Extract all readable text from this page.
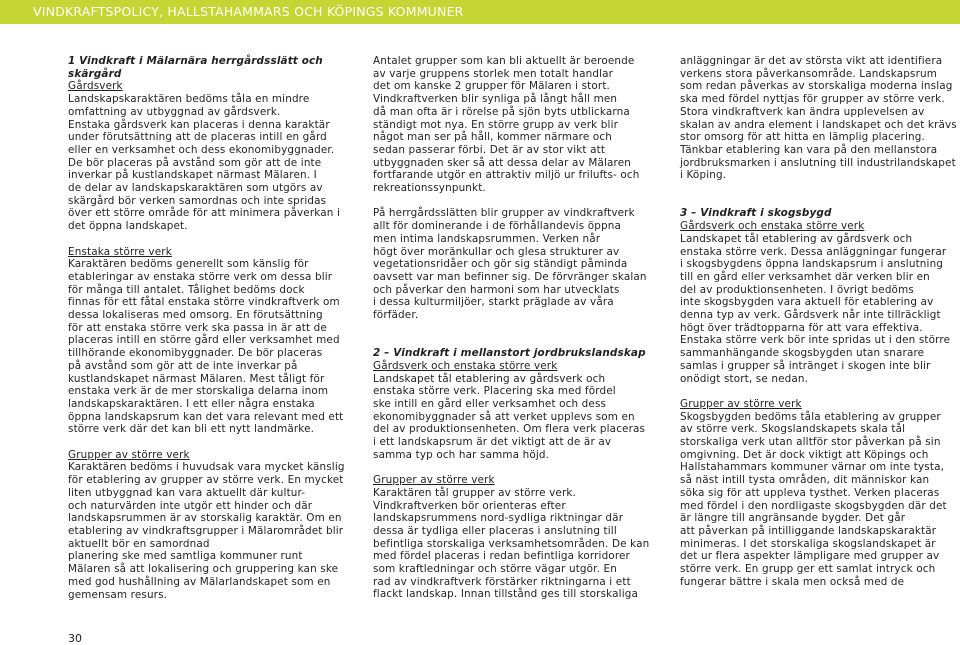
VINDKRAFTSPOLICY, HALLSTAHAMMARS OCH KÖPINGS KOMMUNER

1 Vindkraft i Mälarnära herrgårdsslätt och

skärgård

Gårdsverk

Landskapskaraktären bedöms tåla en mindre

omfattning av utbyggnad av gårdsverk.

Enstaka gårdsverk kan placeras i denna karaktär

under förutsättning att de placeras intill en gård

eller en verksamhet och dess ekonomibyggnader.

De bör placeras på avstånd som gör att de inte

inverkar på kustlandskapet närmast Mälaren. I

de delar av landskapskaraktären som utgörs av

skärgård bör verken samordnas och inte spridas

över ett större område för att minimera påverkan i

det öppna landskapet.

Enstaka större verk

Karaktären bedöms generellt som känslig för

etableringar av enstaka större verk om dessa blir

för många till antalet. Tålighet bedöms dock

finnas för ett fåtal enstaka större vindkraftverk om

dessa lokaliseras med omsorg. En förutsättning

för att enstaka större verk ska passa in är att de

placeras intill en större gård eller verksamhet med

tillhörande ekonomibyggnader. De bör placeras

på avstånd som gör att de inte inverkar på

kustlandskapet närmast Mälaren. Mest tåligt för

enstaka verk är de mer storskaliga delarna inom

landskapskaraktären. I ett eller några enstaka

öppna landskapsrum kan det vara relevant med ett

större verk där det kan bli ett nytt landmärke.

Grupper av större verk

Karaktären bedöms i huvudsak vara mycket känslig

för etablering av grupper av större verk. En mycket

liten utbyggnad kan vara aktuellt där kultur-

och naturvärden inte utgör ett hinder och där

landskapsrummen är av storskalig karaktär. Om en

etablering av vindkraftsgrupper i Mälarområdet blir

aktuellt bör en samordnad

planering ske med samtliga kommuner runt

Mälaren så att lokalisering och gruppering kan ske

med god hushållning av Mälarlandskapet som en

gemensam resurs.

Antalet grupper som kan bli aktuellt är beroende

av varje gruppens storlek men totalt handlar

det om kanske 2 grupper för Mälaren i stort.

Vindkraftverken blir synliga på långt håll men

då man ofta är i rörelse på sjön byts utblickarna

ständigt mot nya. En större grupp av verk blir

något man ser på håll, kommer närmare och

sedan passerar förbi. Det är av stor vikt att

utbyggnaden sker så att dessa delar av Mälaren

fortfarande utgör en attraktiv miljö ur frilufts- och

rekreationssynpunkt.

På herrgårdsslätten blir grupper av vindkraftverk

allt för dominerande i de förhållandevis öppna

men intima landskapsrummen. Verken når

högt över moränkullar och glesa strukturer av

vegetationsridåer och gör sig ständigt påminda

oavsett var man befinner sig. De förvränger skalan

och påverkar den harmoni som har utvecklats

i dessa kulturmiljöer, starkt präglade av våra

förfäder.

2 – Vindkraft i mellanstort jordbrukslandskap

Gårdsverk och enstaka större verk

Landskapet tål etablering av gårdsverk och

enstaka större verk. Placering ska med fördel

ske intill en gård eller verksamhet och dess

ekonomibyggnader så att verket upplevs som en

del av produktionsenheten. Om flera verk placeras

i ett landskapsrum är det viktigt att de är av

samma typ och har samma höjd.

Grupper av större verk

Karaktären tål grupper av större verk.

Vindkraftverken bör orienteras efter

landskapsrummens nord-sydliga riktningar där

dessa är tydliga eller placeras i anslutning till

befintliga storskaliga verksamhetsområden. De kan

med fördel placeras i redan befintliga korridorer

som kraftledningar och större vägar utgör. En

rad av vindkraftverk förstärker riktningarna i ett

flackt landskap. Innan tillstånd ges till storskaliga

anläggningar är det av största vikt att identifiera

verkens stora påverkansområde. Landskapsrum

som redan påverkas av storskaliga moderna inslag

ska med fördel nyttjas för grupper av större verk.

Stora vindkraftverk kan ändra upplevelsen av

skalan av andra element i landskapet och det krävs

stor omsorg för att hitta en lämplig placering.

Tänkbar etablering kan vara på den mellanstora

jordbruksmarken i anslutning till industrilandskapet

i Köping.

3 – Vindkraft i skogsbygd

Gårdsverk och enstaka större verk

Landskapet tål etablering av gårdsverk och

enstaka större verk. Dessa anläggningar fungerar

i skogsbygdens öppna landskapsrum i anslutning

till en gård eller verksamhet där verken blir en

del av produktionsenheten. I övrigt bedöms

inte skogsbygden vara aktuell för etablering av

denna typ av verk. Gårdsverk når inte tillräckligt

högt över trädtopparna för att vara effektiva.

Enstaka större verk bör inte spridas ut i den större

sammanhängande skogsbygden utan snarare

samlas i grupper så intränget i skogen inte blir

onödigt stort, se nedan.

Grupper av större verk

Skogsbygden bedöms tåla etablering av grupper

av större verk. Skogslandskapets skala tål

storskaliga verk utan alltför stor påverkan på sin

omgivning. Det är dock viktigt att Köpings och

Hallstahammars kommuner värnar om inte tysta,

så näst intill tysta områden, dit människor kan

söka sig för att uppleva tysthet. Verken placeras

med fördel i den nordligaste skogsbygden där det

är längre till angränsande bygder. Det går

att påverkan på intilliggande landskapskaraktär

minimeras. I det storskaliga skogslandskapet är

det ur flera aspekter lämpligare med grupper av

större verk. En grupp ger ett samlat intryck och

fungerar bättre i skala men också med de

30
